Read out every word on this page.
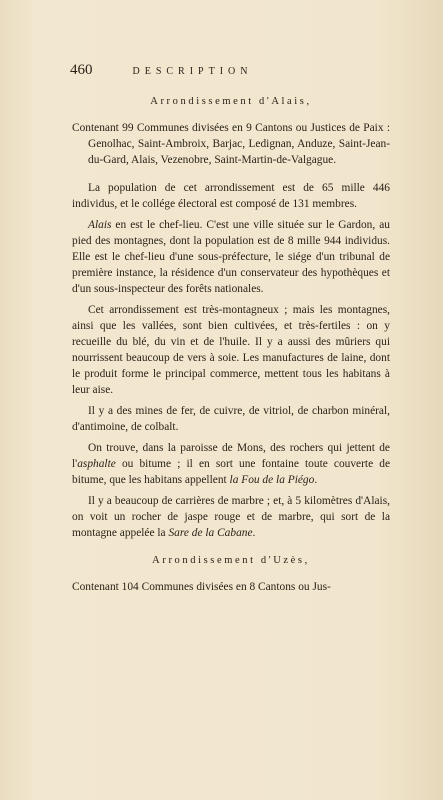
460	DESCRIPTION
Arrondissement d'Alais,

Contenant 99 Communes divisées en 9 Cantons ou Justices de Paix : Genolhac, Saint-Ambroix, Barjac, Ledignan, Anduze, Saint-Jean-du-Gard, Alais, Vezenobre, Saint-Martin-de-Valgague.

La population de cet arrondissement est de 65 mille 446 individus, et le collége électoral est composé de 131 membres.

Alais en est le chef-lieu. C'est une ville située sur le Gardon, au pied des montagnes, dont la population est de 8 mille 944 individus. Elle est le chef-lieu d'une sous-préfecture, le siége d'un tribunal de première instance, la résidence d'un conservateur des hypothèques et d'un sous-inspecteur des forêts nationales.

Cet arrondissement est très-montagneux ; mais les montagnes, ainsi que les vallées, sont bien cultivées, et très-fertiles : on y recueille du blé, du vin et de l'huile. Il y a aussi des mûriers qui nourrissent beaucoup de vers à soie. Les manufactures de laine, dont le produit forme le principal commerce, mettent tous les habitans à leur aise.

Il y a des mines de fer, de cuivre, de vitriol, de charbon minéral, d'antimoine, de colbalt.

On trouve, dans la paroisse de Mons, des rochers qui jettent de l'asphalte ou bitume ; il en sort une fontaine toute couverte de bitume, que les habitans appellent la Fou de la Piégo.

Il y a beaucoup de carrières de marbre ; et, à 5 kilomètres d'Alais, on voit un rocher de jaspe rouge et de marbre, qui sort de la montagne appelée la Sare de la Cabane.

Arrondissement d'Uzès,

Contenant 104 Communes divisées en 8 Cantons ou Jus-
